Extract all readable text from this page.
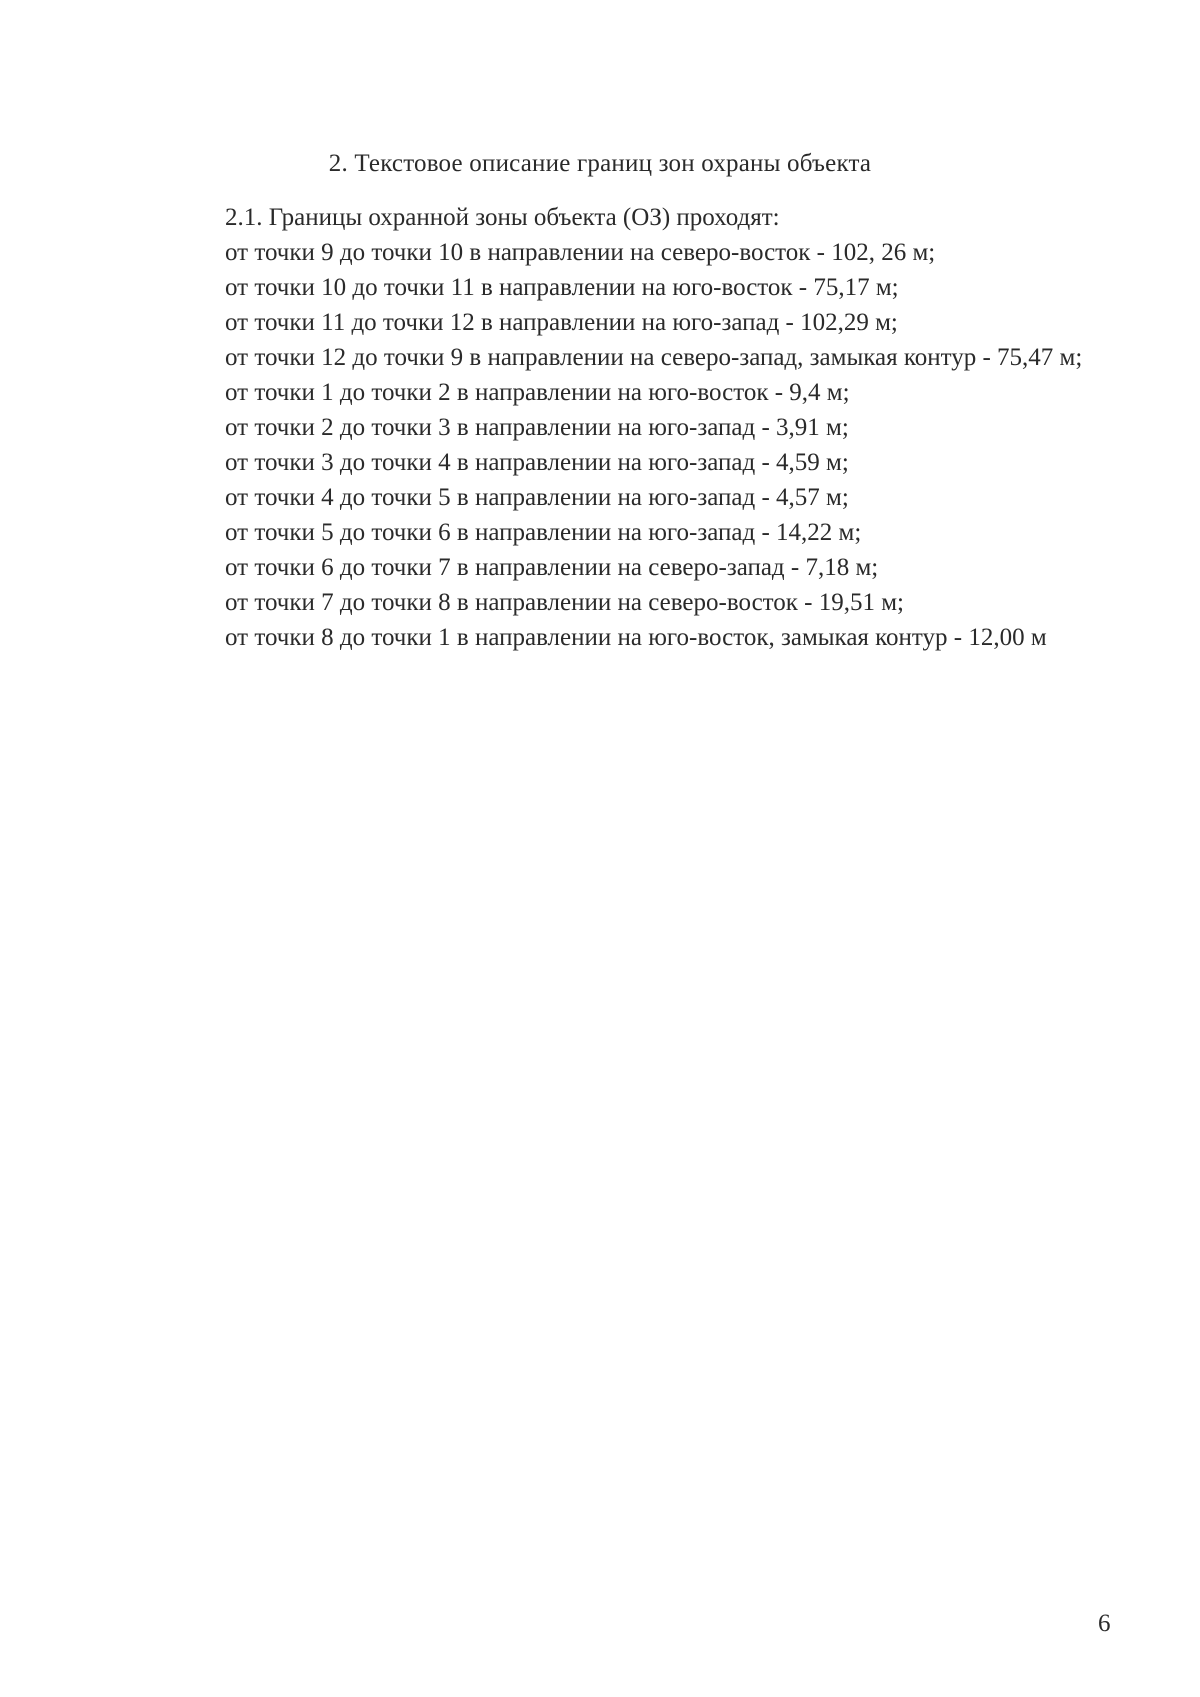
2. Текстовое описание границ зон охраны объекта

2.1. Границы охранной зоны объекта (ОЗ) проходят:

от точки 9 до точки 10 в направлении на северо-восток - 102, 26 м;

от точки 10 до точки 11 в направлении на юго-восток - 75,17 м;

от точки 11 до точки 12 в направлении на юго-запад - 102,29 м;

от точки 12 до точки 9 в направлении на северо-запад, замыкая контур - 75,47 м;

от точки 1 до точки 2 в направлении на юго-восток - 9,4 м;

от точки 2 до точки 3 в направлении на юго-запад - 3,91 м;

от точки 3 до точки 4 в направлении на юго-запад - 4,59 м;

от точки 4 до точки 5 в направлении на юго-запад - 4,57 м;

от точки 5 до точки 6 в направлении на юго-запад - 14,22 м;

от точки 6 до точки 7 в направлении на северо-запад - 7,18 м;

от точки 7 до точки 8 в направлении на северо-восток - 19,51 м;

от точки 8 до точки 1 в направлении на юго-восток, замыкая контур - 12,00 м

6
